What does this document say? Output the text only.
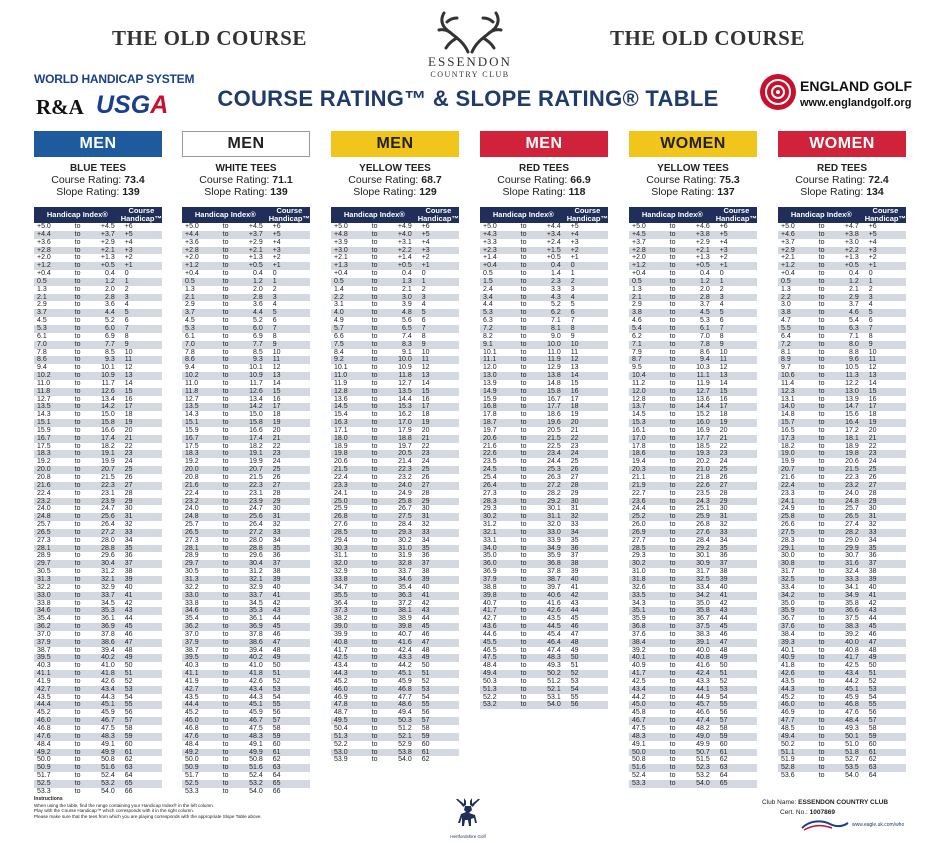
THE OLD COURSE	THE OLD COURSE
ESSENDON
COUNTRY CLUB
WORLD HANDICAP SYSTEM
R&A USGA	COURSE RATING™ & SLOPE RATING® TABLE	ENGLAND GOLF
www.englandgolf.org
MEN
BLUE TEES
Course Rating: 73.4
Slope Rating: 139
Handicap Index®			Course Handicap™
+5.0	to	+4.5	+6
+4.4	to	+3.7	+5
+3.6	to	+2.9	+4
+2.8	to	+2.1	+3
+2.0	to	+1.3	+2
+1.2	to	+0.5	+1
+0.4	to	0.4	0
0.5	to	1.2	1
1.3	to	2.0	2
2.1	to	2.8	3
2.9	to	3.6	4
3.7	to	4.4	5
4.5	to	5.2	6
5.3	to	6.0	7
6.1	to	6.9	8
7.0	to	7.7	9
7.8	to	8.5	10
8.6	to	9.3	11
9.4	to	10.1	12
10.2	to	10.9	13
11.0	to	11.7	14
11.8	to	12.6	15
12.7	to	13.4	16
13.5	to	14.2	17
14.3	to	15.0	18
15.1	to	15.8	19
15.9	to	16.6	20
16.7	to	17.4	21
17.5	to	18.2	22
18.3	to	19.1	23
19.2	to	19.9	24
20.0	to	20.7	25
20.8	to	21.5	26
21.6	to	22.3	27
22.4	to	23.1	28
23.2	to	23.9	29
24.0	to	24.7	30
24.8	to	25.6	31
25.7	to	26.4	32
26.5	to	27.2	33
27.3	to	28.0	34
28.1	to	28.8	35
28.9	to	29.6	36
29.7	to	30.4	37
30.5	to	31.2	38
31.3	to	32.1	39
32.2	to	32.9	40
33.0	to	33.7	41
33.8	to	34.5	42
34.6	to	35.3	43
35.4	to	36.1	44
36.2	to	36.9	45
37.0	to	37.8	46
37.9	to	38.6	47
38.7	to	39.4	48
39.5	to	40.2	49
40.3	to	41.0	50
41.1	to	41.8	51
41.9	to	42.6	52
42.7	to	43.4	53
43.5	to	44.3	54
44.4	to	45.1	55
45.2	to	45.9	56
46.0	to	46.7	57
46.8	to	47.5	58
47.6	to	48.3	59
48.4	to	49.1	60
49.2	to	49.9	61
50.0	to	50.8	62
50.9	to	51.6	63
51.7	to	52.4	64
52.5	to	53.2	65
53.3	to	54.0	66
MEN
WHITE TEES
Course Rating: 71.1
Slope Rating: 139
Handicap Index®			Course Handicap™
+5.0	to	+4.5	+6
+4.4	to	+3.7	+5
+3.6	to	+2.9	+4
+2.8	to	+2.1	+3
+2.0	to	+1.3	+2
+1.2	to	+0.5	+1
+0.4	to	0.4	0
0.5	to	1.2	1
1.3	to	2.0	2
2.1	to	2.8	3
2.9	to	3.6	4
3.7	to	4.4	5
4.5	to	5.2	6
5.3	to	6.0	7
6.1	to	6.9	8
7.0	to	7.7	9
7.8	to	8.5	10
8.6	to	9.3	11
9.4	to	10.1	12
10.2	to	10.9	13
11.0	to	11.7	14
11.8	to	12.6	15
12.7	to	13.4	16
13.5	to	14.2	17
14.3	to	15.0	18
15.1	to	15.8	19
15.9	to	16.6	20
16.7	to	17.4	21
17.5	to	18.2	22
18.3	to	19.1	23
19.2	to	19.9	24
20.0	to	20.7	25
20.8	to	21.5	26
21.6	to	22.3	27
22.4	to	23.1	28
23.2	to	23.9	29
24.0	to	24.7	30
24.8	to	25.6	31
25.7	to	26.4	32
26.5	to	27.2	33
27.3	to	28.0	34
28.1	to	28.8	35
28.9	to	29.6	36
29.7	to	30.4	37
30.5	to	31.2	38
31.3	to	32.1	39
32.2	to	32.9	40
33.0	to	33.7	41
33.8	to	34.5	42
34.6	to	35.3	43
35.4	to	36.1	44
36.2	to	36.9	45
37.0	to	37.8	46
37.9	to	38.6	47
38.7	to	39.4	48
39.5	to	40.2	49
40.3	to	41.0	50
41.1	to	41.8	51
41.9	to	42.6	52
42.7	to	43.4	53
43.5	to	44.3	54
44.4	to	45.1	55
45.2	to	45.9	56
46.0	to	46.7	57
46.8	to	47.5	58
47.6	to	48.3	59
48.4	to	49.1	60
49.2	to	49.9	61
50.0	to	50.8	62
50.9	to	51.6	63
51.7	to	52.4	64
52.5	to	53.2	65
53.3	to	54.0	66
MEN
YELLOW TEES
Course Rating: 68.7
Slope Rating: 129
Handicap Index®			Course Handicap™
+5.0	to	+4.9	+6
+4.8	to	+4.0	+5
+3.9	to	+3.1	+4
+3.0	to	+2.2	+3
+2.1	to	+1.4	+2
+1.3	to	+0.5	+1
+0.4	to	0.4	0
0.5	to	1.3	1
1.4	to	2.1	2
2.2	to	3.0	3
3.1	to	3.9	4
4.0	to	4.8	5
4.9	to	5.6	6
5.7	to	6.5	7
6.6	to	7.4	8
7.5	to	8.3	9
8.4	to	9.1	10
9.2	to	10.0	11
10.1	to	10.9	12
11.0	to	11.8	13
11.9	to	12.7	14
12.8	to	13.5	15
13.6	to	14.4	16
14.5	to	15.3	17
15.4	to	16.2	18
16.3	to	17.0	19
17.1	to	17.9	20
18.0	to	18.8	21
18.9	to	19.7	22
19.8	to	20.5	23
20.6	to	21.4	24
21.5	to	22.3	25
22.4	to	23.2	26
23.3	to	24.0	27
24.1	to	24.9	28
25.0	to	25.8	29
25.9	to	26.7	30
26.8	to	27.5	31
27.6	to	28.4	32
28.5	to	29.3	33
29.4	to	30.2	34
30.3	to	31.0	35
31.1	to	31.9	36
32.0	to	32.8	37
32.9	to	33.7	38
33.8	to	34.6	39
34.7	to	35.4	40
35.5	to	36.3	41
36.4	to	37.2	42
37.3	to	38.1	43
38.2	to	38.9	44
39.0	to	39.8	45
39.9	to	40.7	46
40.8	to	41.6	47
41.7	to	42.4	48
42.5	to	43.3	49
43.4	to	44.2	50
44.3	to	45.1	51
45.2	to	45.9	52
46.0	to	46.8	53
46.9	to	47.7	54
47.8	to	48.6	55
48.7	to	49.4	56
49.5	to	50.3	57
50.4	to	51.2	58
51.3	to	52.1	59
52.2	to	52.9	60
53.0	to	53.8	61
53.9	to	54.0	62
MEN
RED TEES
Course Rating: 66.9
Slope Rating: 118
Handicap Index®			Course Handicap™
+5.0	to	+4.4	+5
+4.3	to	+3.4	+4
+3.3	to	+2.4	+3
+2.3	to	+1.5	+2
+1.4	to	+0.5	+1
+0.4	to	0.4	0
0.5	to	1.4	1
1.5	to	2.3	2
2.4	to	3.3	3
3.4	to	4.3	4
4.4	to	5.2	5
5.3	to	6.2	6
6.3	to	7.1	7
7.2	to	8.1	8
8.2	to	9.0	9
9.1	to	10.0	10
10.1	to	11.0	11
11.1	to	11.9	12
12.0	to	12.9	13
13.0	to	13.8	14
13.9	to	14.8	15
14.9	to	15.8	16
15.9	to	16.7	17
16.8	to	17.7	18
17.8	to	18.6	19
18.7	to	19.6	20
19.7	to	20.5	21
20.6	to	21.5	22
21.6	to	22.5	23
22.6	to	23.4	24
23.5	to	24.4	25
24.5	to	25.3	26
25.4	to	26.3	27
26.4	to	27.2	28
27.3	to	28.2	29
28.3	to	29.2	30
29.3	to	30.1	31
30.2	to	31.1	32
31.2	to	32.0	33
32.1	to	33.0	34
33.1	to	33.9	35
34.0	to	34.9	36
35.0	to	35.9	37
36.0	to	36.8	38
36.9	to	37.8	39
37.9	to	38.7	40
38.8	to	39.7	41
39.8	to	40.6	42
40.7	to	41.6	43
41.7	to	42.6	44
42.7	to	43.5	45
43.6	to	44.5	46
44.6	to	45.4	47
45.5	to	46.4	48
46.5	to	47.4	49
47.5	to	48.3	50
48.4	to	49.3	51
49.4	to	50.2	52
50.3	to	51.2	53
51.3	to	52.1	54
52.2	to	53.1	55
53.2	to	54.0	56
WOMEN
YELLOW TEES
Course Rating: 75.3
Slope Rating: 137
Handicap Index®			Course Handicap™
+5.0	to	+4.6	+6
+4.5	to	+3.8	+5
+3.7	to	+2.9	+4
+2.8	to	+2.1	+3
+2.0	to	+1.3	+2
+1.2	to	+0.5	+1
+0.4	to	0.4	0
0.5	to	1.2	1
1.3	to	2.0	2
2.1	to	2.8	3
2.9	to	3.7	4
3.8	to	4.5	5
4.6	to	5.3	6
5.4	to	6.1	7
6.2	to	7.0	8
7.1	to	7.8	9
7.9	to	8.6	10
8.7	to	9.4	11
9.5	to	10.3	12
10.4	to	11.1	13
11.2	to	11.9	14
12.0	to	12.7	15
12.8	to	13.6	16
13.7	to	14.4	17
14.5	to	15.2	18
15.3	to	16.0	19
16.1	to	16.9	20
17.0	to	17.7	21
17.8	to	18.5	22
18.6	to	19.3	23
19.4	to	20.2	24
20.3	to	21.0	25
21.1	to	21.8	26
21.9	to	22.6	27
22.7	to	23.5	28
23.6	to	24.3	29
24.4	to	25.1	30
25.2	to	25.9	31
26.0	to	26.8	32
26.9	to	27.6	33
27.7	to	28.4	34
28.5	to	29.2	35
29.3	to	30.1	36
30.2	to	30.9	37
31.0	to	31.7	38
31.8	to	32.5	39
32.6	to	33.4	40
33.5	to	34.2	41
34.3	to	35.0	42
35.1	to	35.8	43
35.9	to	36.7	44
36.8	to	37.5	45
37.6	to	38.3	46
38.4	to	39.1	47
39.2	to	40.0	48
40.1	to	40.8	49
40.9	to	41.6	50
41.7	to	42.4	51
42.5	to	43.3	52
43.4	to	44.1	53
44.2	to	44.9	54
45.0	to	45.7	55
45.8	to	46.6	56
46.7	to	47.4	57
47.5	to	48.2	58
48.3	to	49.0	59
49.1	to	49.9	60
50.0	to	50.7	61
50.8	to	51.5	62
51.6	to	52.3	63
52.4	to	53.2	64
53.3	to	54.0	65
WOMEN
RED TEES
Course Rating: 72.4
Slope Rating: 134
Handicap Index®			Course Handicap™
+5.0	to	+4.7	+6
+4.6	to	+3.8	+5
+3.7	to	+3.0	+4
+2.9	to	+2.2	+3
+2.1	to	+1.3	+2
+1.2	to	+0.5	+1
+0.4	to	0.4	0
0.5	to	1.2	1
1.3	to	2.1	2
2.2	to	2.9	3
3.0	to	3.7	4
3.8	to	4.6	5
4.7	to	5.4	6
5.5	to	6.3	7
6.4	to	7.1	8
7.2	to	8.0	9
8.1	to	8.8	10
8.9	to	9.6	11
9.7	to	10.5	12
10.6	to	11.3	13
11.4	to	12.2	14
12.3	to	13.0	15
13.1	to	13.9	16
14.0	to	14.7	17
14.8	to	15.6	18
15.7	to	16.4	19
16.5	to	17.2	20
17.3	to	18.1	21
18.2	to	18.9	22
19.0	to	19.8	23
19.9	to	20.6	24
20.7	to	21.5	25
21.6	to	22.3	26
22.4	to	23.2	27
23.3	to	24.0	28
24.1	to	24.8	29
24.9	to	25.7	30
25.8	to	26.5	31
26.6	to	27.4	32
27.5	to	28.2	33
28.3	to	29.0	34
29.1	to	29.9	35
30.0	to	30.7	36
30.8	to	31.6	37
31.7	to	32.4	38
32.5	to	33.3	39
33.4	to	34.1	40
34.2	to	34.9	41
35.0	to	35.8	42
35.9	to	36.6	43
36.7	to	37.5	44
37.6	to	38.3	45
38.4	to	39.2	46
39.3	to	40.0	47
40.1	to	40.8	48
40.9	to	41.7	49
41.8	to	42.5	50
42.6	to	43.4	51
43.5	to	44.2	52
44.3	to	45.1	53
45.2	to	45.9	54
46.0	to	46.8	55
46.9	to	47.6	56
47.7	to	48.4	57
48.5	to	49.3	58
49.4	to	50.1	59
50.2	to	51.0	60
51.1	to	51.8	61
51.9	to	52.7	62
52.8	to	53.5	63
53.6	to	54.0	64
Instructions
When using the table, find the range containing your Handicap Index® in the left column.
Play with the Course Handicap™ which corresponds with it in the right column.
Please make sure that the tees from which you are playing corresponds with the appropriate Slope Table above.
Hertfordshire Golf
Club Name: ESSENDON COUNTRY CLUB
Cert. No.: 1007869
www.eagle.uk.com/who
